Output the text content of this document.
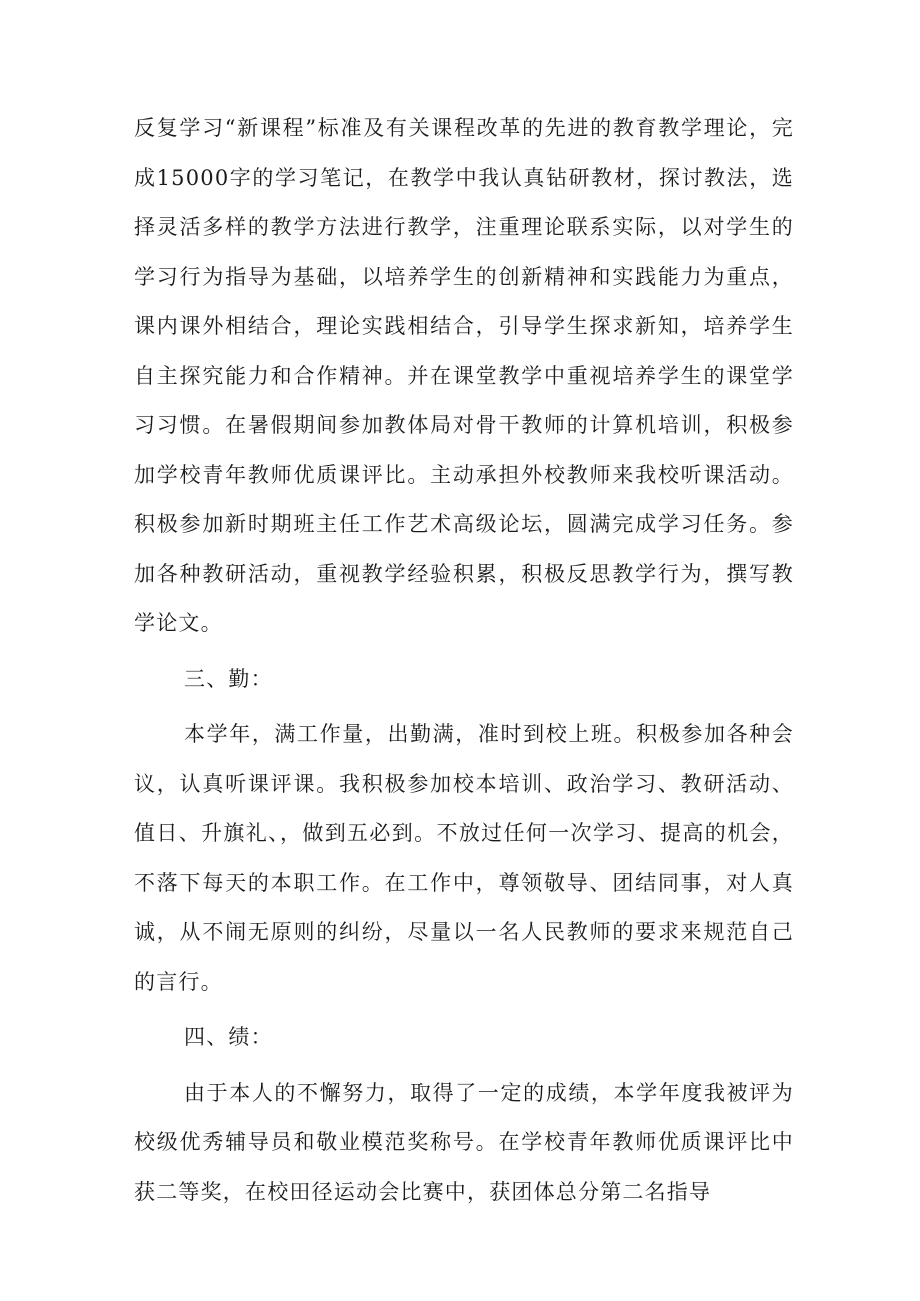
反复学习“新课程”标准及有关课程改革的先进的教育教学理论，完成15000字的学习笔记，在教学中我认真钻研教材，探讨教法，选择灵活多样的教学方法进行教学，注重理论联系实际，以对学生的学习行为指导为基础，以培养学生的创新精神和实践能力为重点，课内课外相结合，理论实践相结合，引导学生探求新知，培养学生自主探究能力和合作精神。并在课堂教学中重视培养学生的课堂学习习惯。在暑假期间参加教体局对骨干教师的计算机培训，积极参加学校青年教师优质课评比。主动承担外校教师来我校听课活动。积极参加新时期班主任工作艺术高级论坛，圆满完成学习任务。参加各种教研活动，重视教学经验积累，积极反思教学行为，撰写教学论文。

三、勤：

本学年，满工作量，出勤满，准时到校上班。积极参加各种会议，认真听课评课。我积极参加校本培训、政治学习、教研活动、值日、升旗礼、，做到五必到。不放过任何一次学习、提高的机会，不落下每天的本职工作。在工作中，尊领敬导、团结同事，对人真诚，从不闹无原则的纠纷，尽量以一名人民教师的要求来规范自己的言行。

四、绩：

由于本人的不懈努力，取得了一定的成绩，本学年度我被评为校级优秀辅导员和敬业模范奖称号。在学校青年教师优质课评比中获二等奖，在校田径运动会比赛中，获团体总分第二名指导
